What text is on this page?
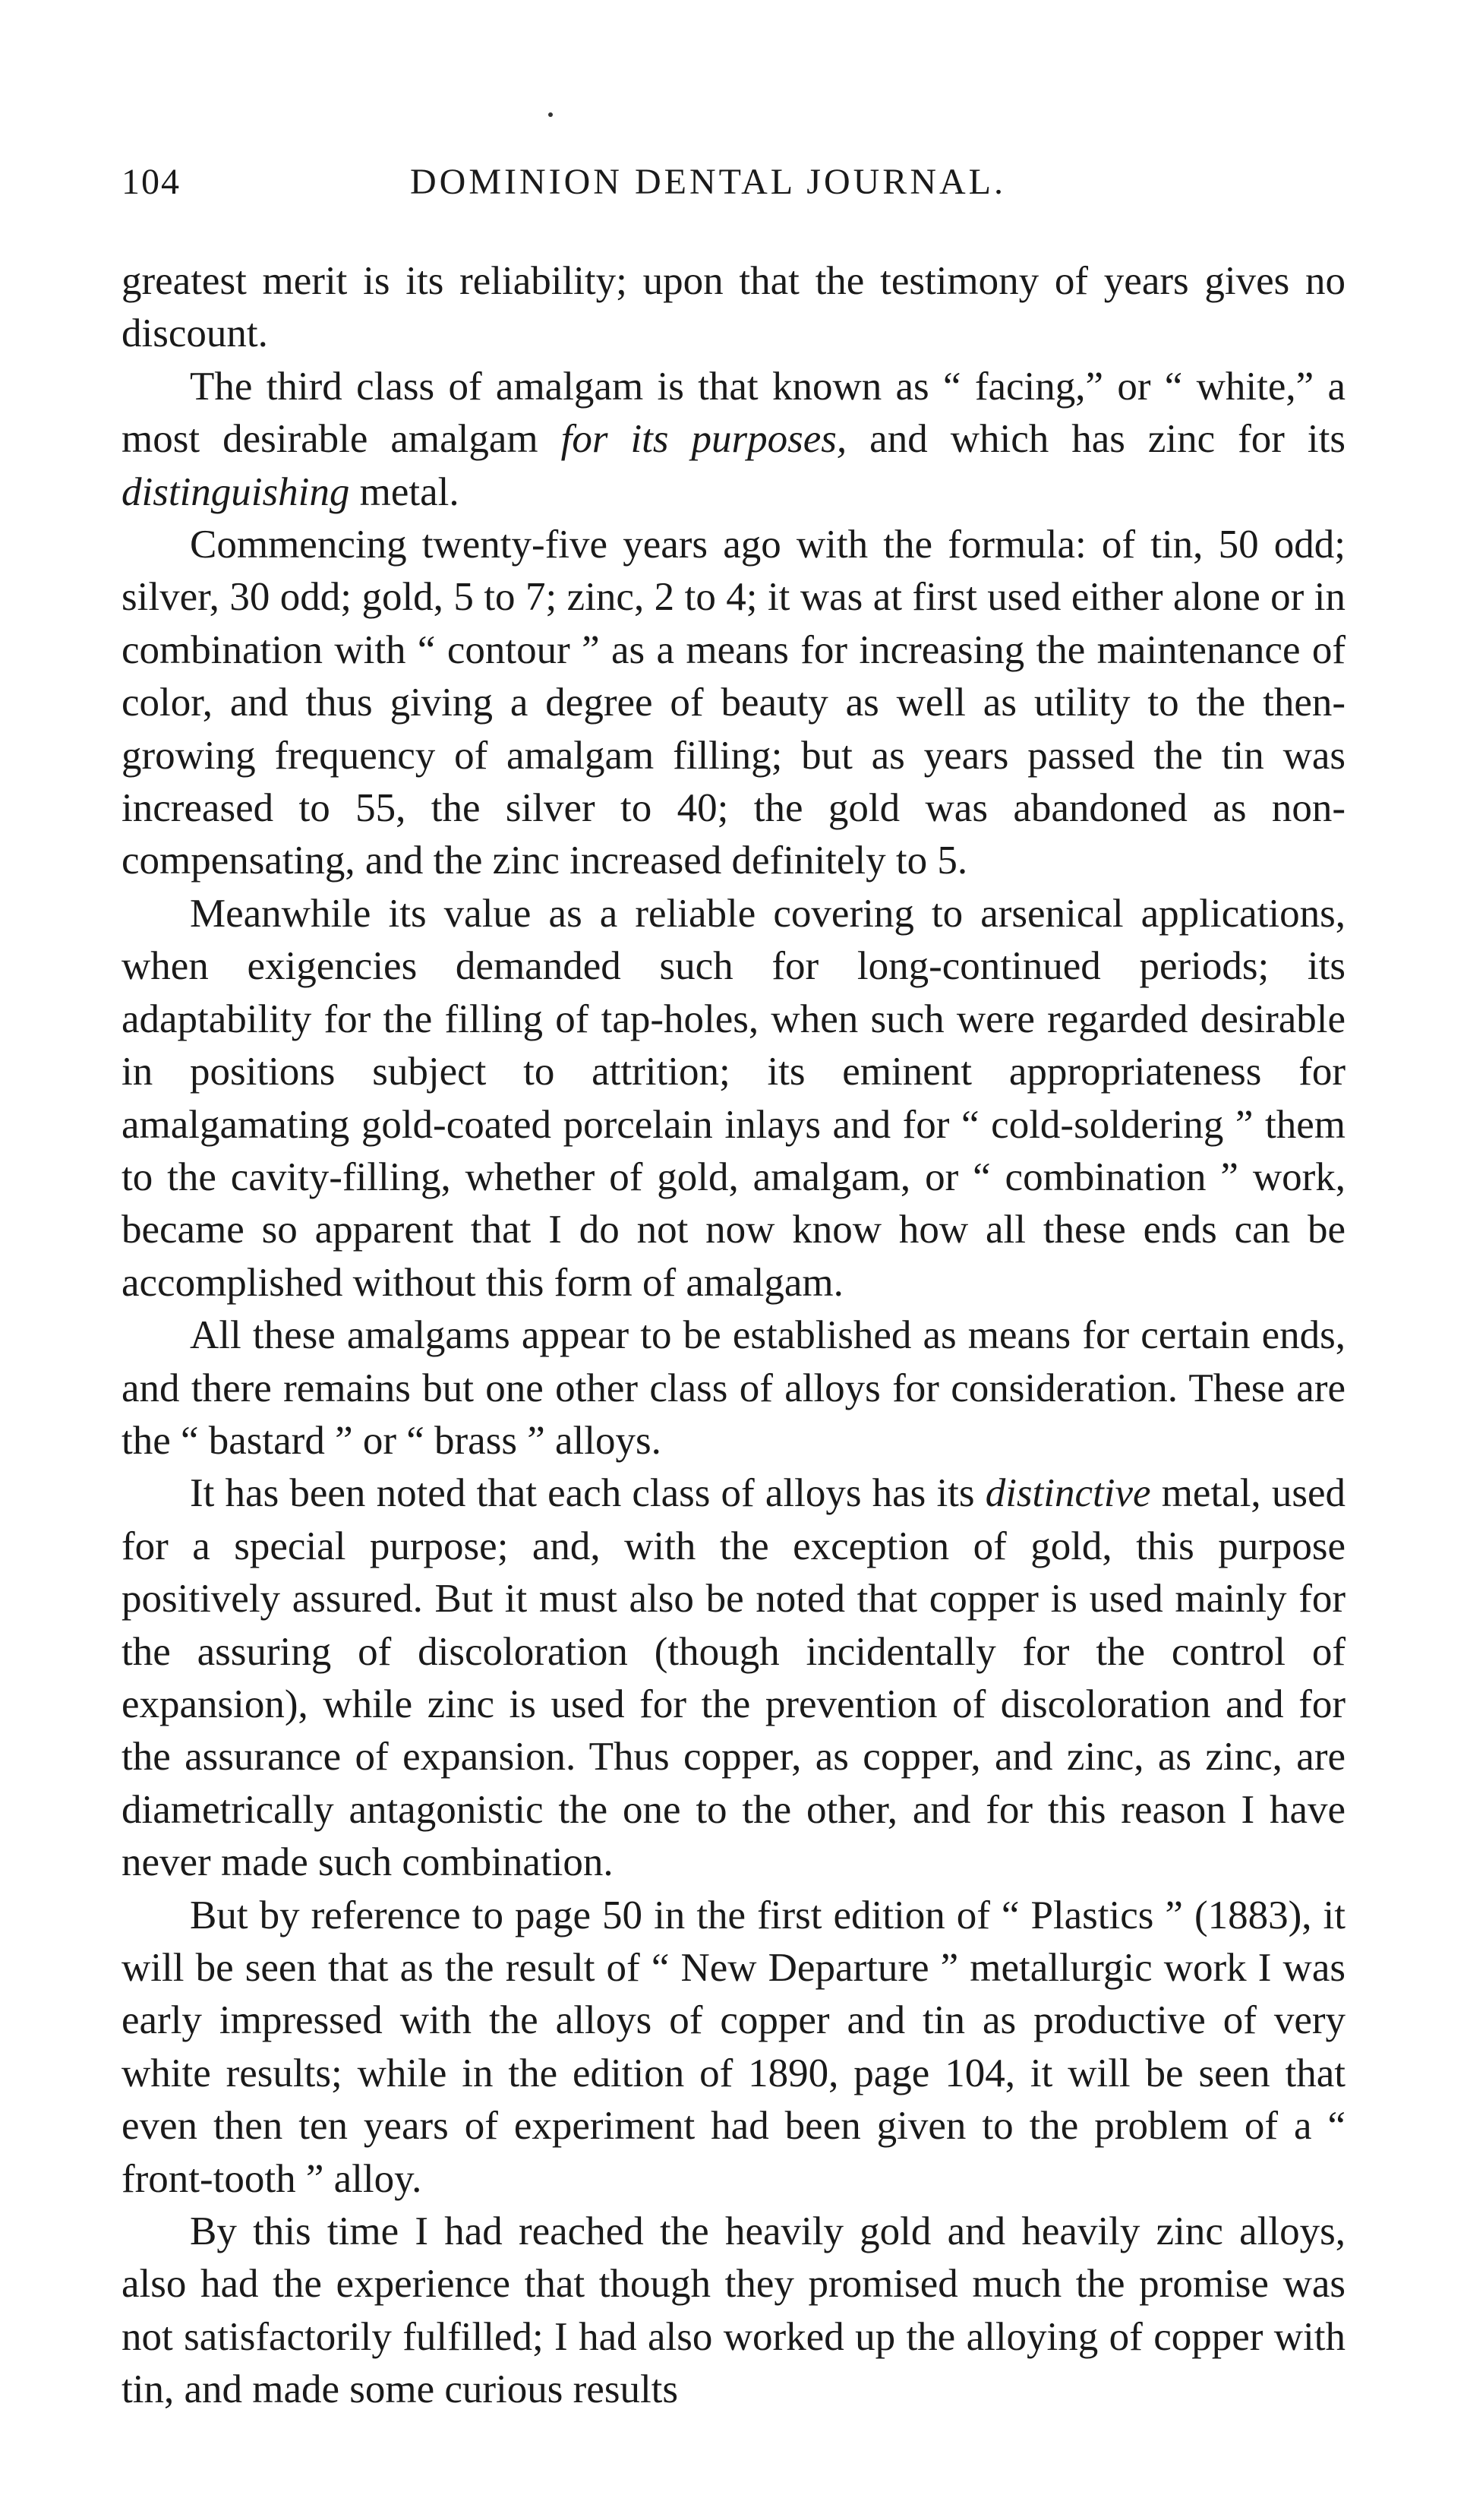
104	DOMINION DENTAL JOURNAL.

greatest merit is its reliability; upon that the testimony of years gives no discount.

The third class of amalgam is that known as “ facing,” or “ white,” a most desirable amalgam for its purposes, and which has zinc for its distinguishing metal.

Commencing twenty-five years ago with the formula: of tin, 50 odd; silver, 30 odd; gold, 5 to 7; zinc, 2 to 4; it was at first used either alone or in combination with “ contour ” as a means for increasing the maintenance of color, and thus giving a degree of beauty as well as utility to the then-growing frequency of amalgam filling; but as years passed the tin was increased to 55, the silver to 40; the gold was abandoned as non-compensating, and the zinc increased definitely to 5.

Meanwhile its value as a reliable covering to arsenical applications, when exigencies demanded such for long-continued periods; its adaptability for the filling of tap-holes, when such were regarded desirable in positions subject to attrition; its eminent appropriateness for amalgamating gold-coated porcelain inlays and for “ cold-soldering ” them to the cavity-filling, whether of gold, amalgam, or “ combination ” work, became so apparent that I do not now know how all these ends can be accomplished without this form of amalgam.

All these amalgams appear to be established as means for certain ends, and there remains but one other class of alloys for consideration. These are the “ bastard ” or “ brass ” alloys.

It has been noted that each class of alloys has its distinctive metal, used for a special purpose; and, with the exception of gold, this purpose positively assured. But it must also be noted that copper is used mainly for the assuring of discoloration (though incidentally for the control of expansion), while zinc is used for the prevention of discoloration and for the assurance of expansion. Thus copper, as copper, and zinc, as zinc, are diametrically antagonistic the one to the other, and for this reason I have never made such combination.

But by reference to page 50 in the first edition of “ Plastics ” (1883), it will be seen that as the result of “ New Departure ” metallurgic work I was early impressed with the alloys of copper and tin as productive of very white results; while in the edition of 1890, page 104, it will be seen that even then ten years of experiment had been given to the problem of a “ front-tooth ” alloy.

By this time I had reached the heavily gold and heavily zinc alloys, also had the experience that though they promised much the promise was not satisfactorily fulfilled; I had also worked up the alloying of copper with tin, and made some curious results
